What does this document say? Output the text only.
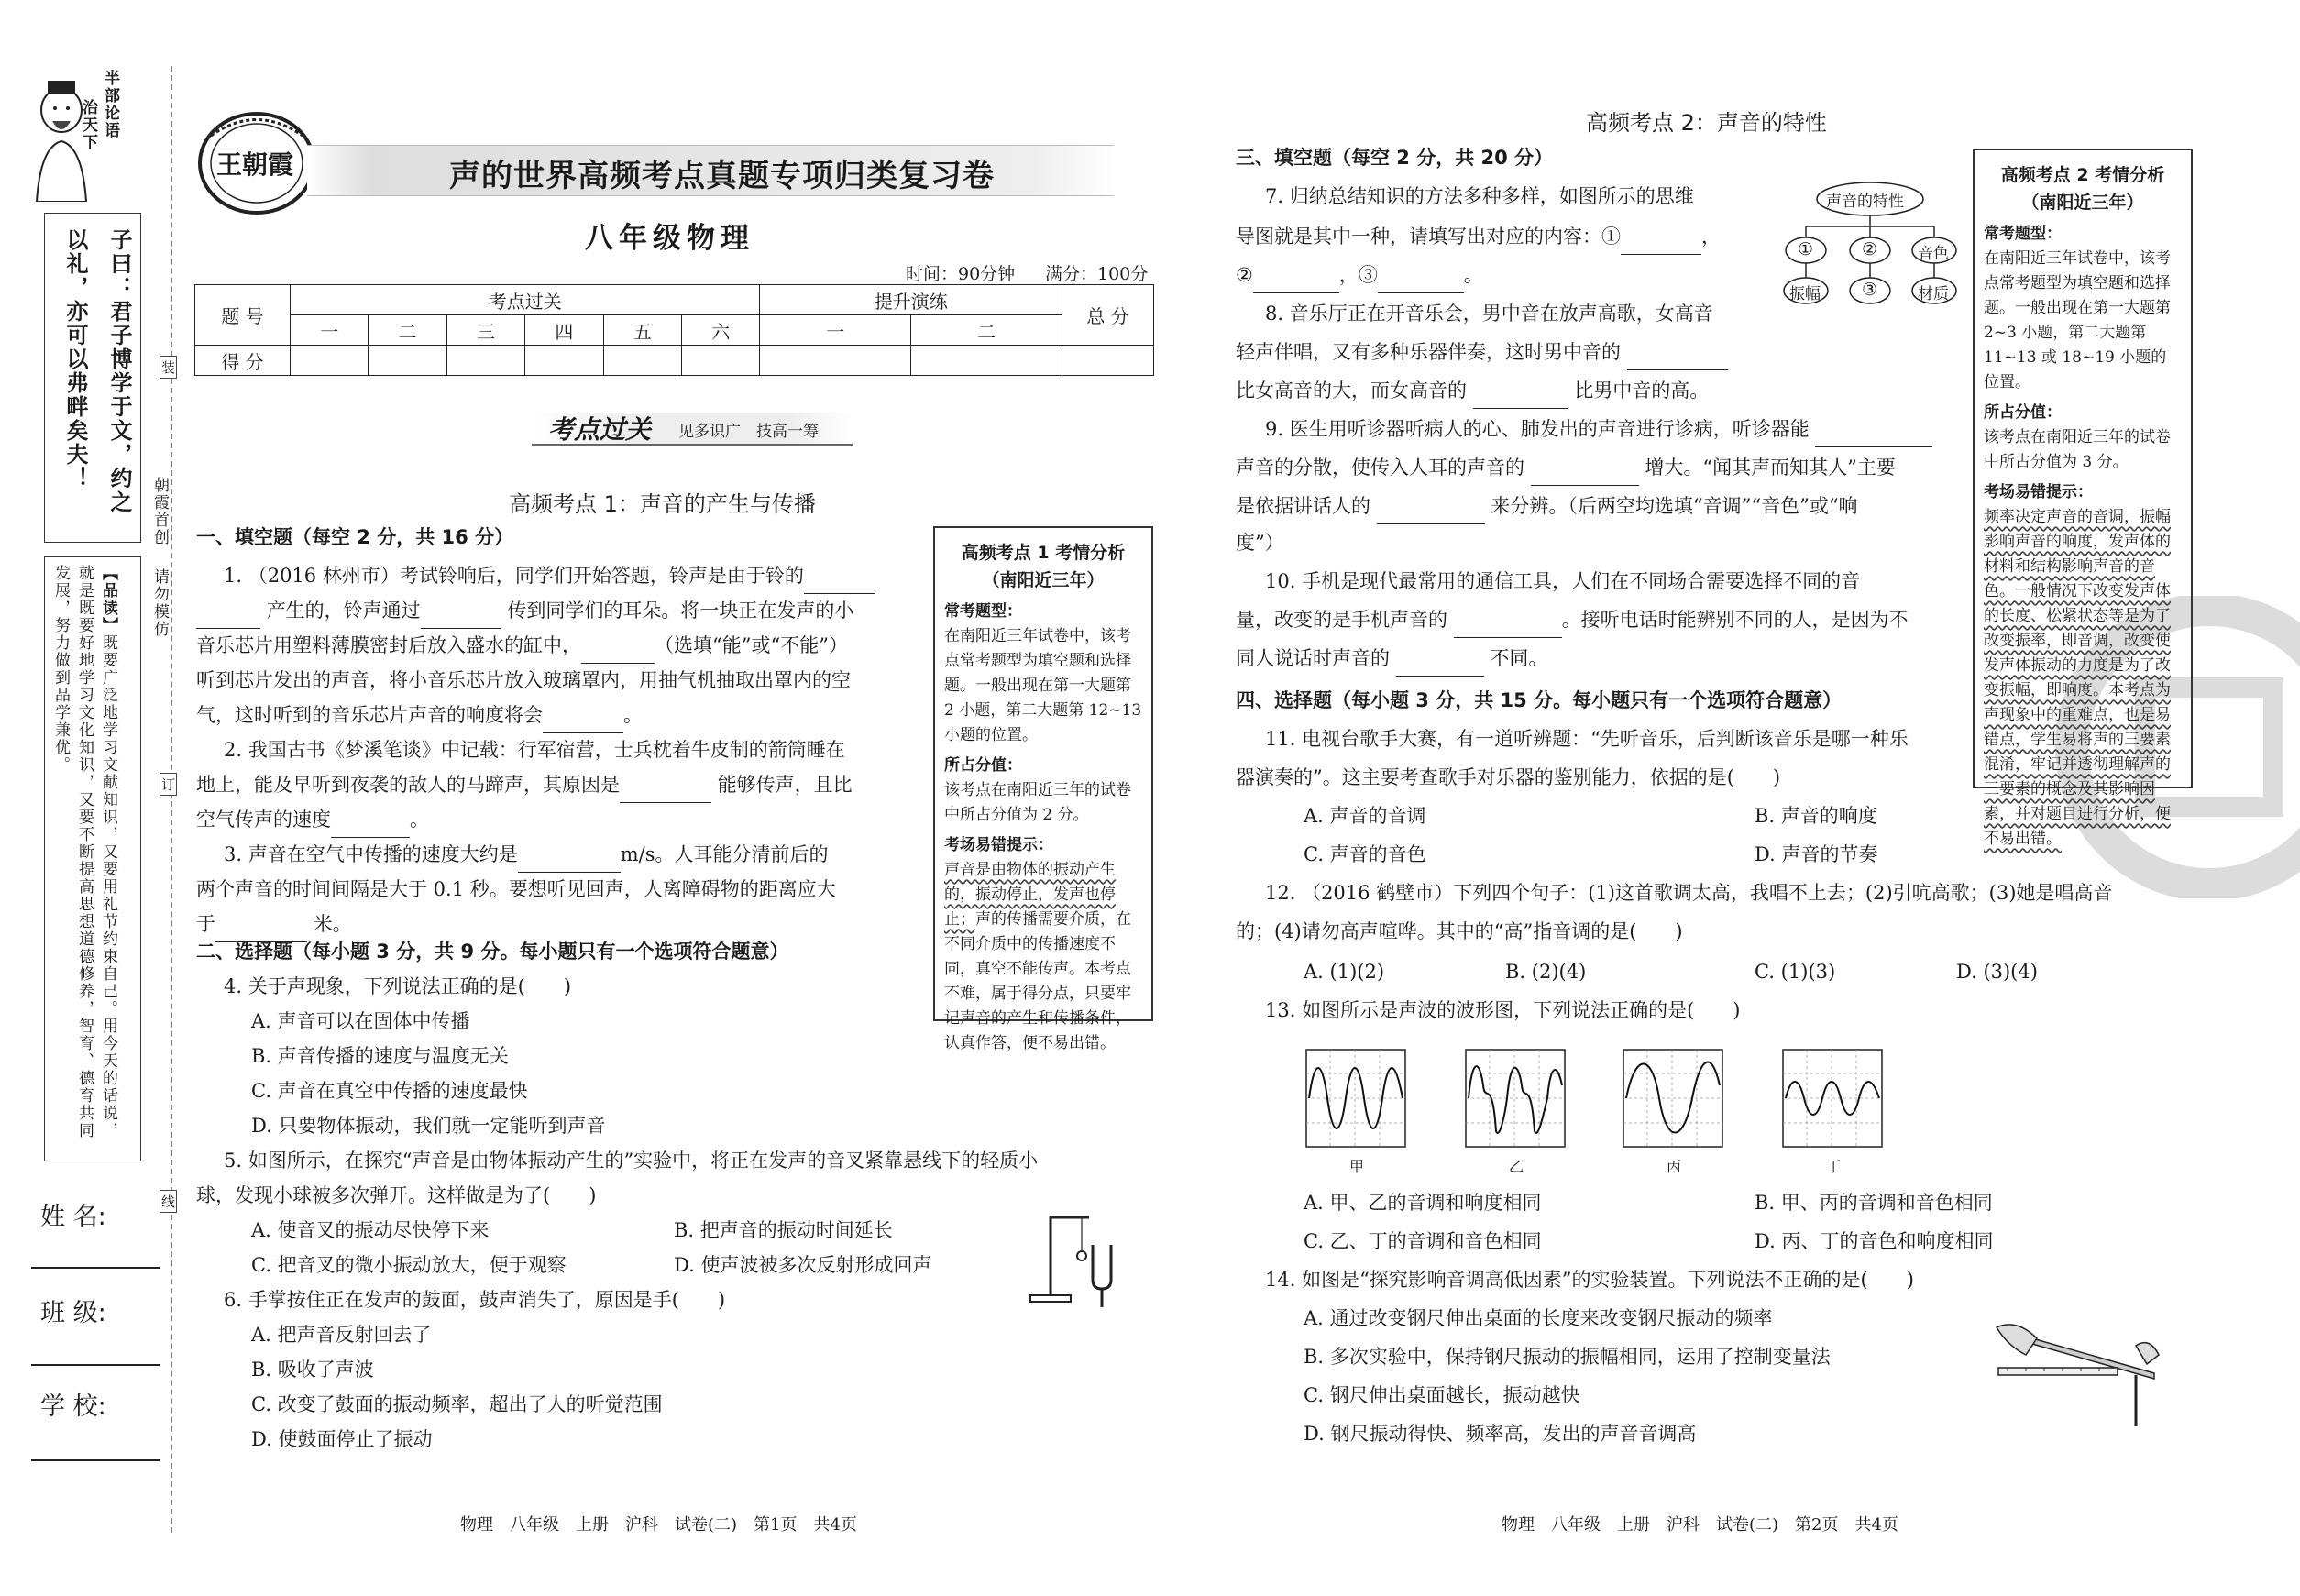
半部论语
治天下
子曰：君子博学于文，约之
以礼，亦可以弗畔矣夫！
【品读】既要广泛地学习文献知识，又要用礼节约束自己。用今天的话说，就是既要好地学习文化知识，又要不断提高思想道德修养，智育、德育共同发展，努力做到品学兼优。
朝霞首创
请勿模仿
装
订
线
姓 名:
班 级:
学 校:
王朝霞	声的世界高频考点真题专项归类复习卷
八年级物理
时间：90分钟 满分：100分
题 号	考点过关						提升演练		总 分
	一	二	三	四	五	六	一	二	
得 分									
考点过关 见多识广　技高一筹
高频考点 1：声音的产生与传播
一、填空题（每空 2 分，共 16 分）
1. （2016 林州市）考试铃响后，同学们开始答题，铃声是由于铃的
产生的，铃声通过	传到同学们的耳朵。将一块正在发声的小
音乐芯片用塑料薄膜密封后放入盛水的缸中，	（选填“能”或“不能”）
听到芯片发出的声音，将小音乐芯片放入玻璃罩内，用抽气机抽取出罩内的空
气，这时听到的音乐芯片声音的响度将会	。
2. 我国古书《梦溪笔谈》中记载：行军宿营，士兵枕着牛皮制的箭筒睡在
地上，能及早听到夜袭的敌人的马蹄声，其原因是	能够传声，且比
空气传声的速度	。
3. 声音在空气中传播的速度大约是	m/s。人耳能分清前后的
两个声音的时间间隔是大于 0.1 秒。要想听见回声，人离障碍物的距离应大
于	米。
二、选择题（每小题 3 分，共 9 分。每小题只有一个选项符合题意）
4. 关于声现象，下列说法正确的是(　　)
A. 声音可以在固体中传播
B. 声音传播的速度与温度无关
C. 声音在真空中传播的速度最快
D. 只要物体振动，我们就一定能听到声音
5. 如图所示，在探究“声音是由物体振动产生的”实验中，将正在发声的音叉紧靠悬线下的轻质小
球，发现小球被多次弹开。这样做是为了(　　)
A. 使音叉的振动尽快停下来	B. 把声音的振动时间延长
C. 把音叉的微小振动放大，便于观察	D. 使声波被多次反射形成回声
6. 手掌按住正在发声的鼓面，鼓声消失了，原因是手(　　)
A. 把声音反射回去了
B. 吸收了声波
C. 改变了鼓面的振动频率，超出了人的听觉范围
D. 使鼓面停止了振动
高频考点 1 考情分析
（南阳近三年）
常考题型：
在南阳近三年试卷中，该考点常考题型为填空题和选择题。一般出现在第一大题第 2 小题，第二大题第 12~13 小题的位置。
所占分值：
该考点在南阳近三年的试卷中所占分值为 2 分。
考场易错提示：
声音是由物体的振动产生的，振动停止，发声也停止；声的传播需要介质，在不同介质中的传播速度不同，真空不能传声。本考点不难，属于得分点，只要牢记声音的产生和传播条件，认真作答，便不易出错。
物理　八年级　上册　沪科　试卷(二)　第1页　共4页
高频考点 2：声音的特性
三、填空题（每空 2 分，共 20 分）
7. 归纳总结知识的方法多种多样，如图所示的思维
导图就是其中一种，请填写出对应的内容：①	，
②	，③	。
声音的特性
①	②	音色
振幅 ③	材质
8. 音乐厅正在开音乐会，男中音在放声高歌，女高音
轻声伴唱，又有多种乐器伴奏，这时男中音的
比女高音的大，而女高音的	比男中音的高。
9. 医生用听诊器听病人的心、肺发出的声音进行诊病，听诊器能
声音的分散，使传入人耳的声音的	增大。“闻其声而知其人”主要
是依据讲话人的	来分辨。（后两空均选填“音调”“音色”或“响
度”）
10. 手机是现代最常用的通信工具，人们在不同场合需要选择不同的音
量，改变的是手机声音的	。接听电话时能辨别不同的人，是因为不
同人说话时声音的	不同。
四、选择题（每小题 3 分，共 15 分。每小题只有一个选项符合题意）
11. 电视台歌手大赛，有一道听辨题：“先听音乐，后判断该音乐是哪一种乐
器演奏的”。这主要考查歌手对乐器的鉴别能力，依据的是(　　)
A. 声音的音调	B. 声音的响度
C. 声音的音色	D. 声音的节奏
12. （2016 鹤壁市）下列四个句子：(1)这首歌调太高，我唱不上去；(2)引吭高歌；(3)她是唱高音
的；(4)请勿高声喧哗。其中的“高”指音调的是(　　)
A. (1)(2)	B. (2)(4)	C. (1)(3)	D. (3)(4)
13. 如图所示是声波的波形图，下列说法正确的是(　　)
甲	乙	丙	丁
A. 甲、乙的音调和响度相同	B. 甲、丙的音调和音色相同
C. 乙、丁的音调和音色相同	D. 丙、丁的音色和响度相同
14. 如图是“探究影响音调高低因素”的实验装置。下列说法不正确的是(　　)
A. 通过改变钢尺伸出桌面的长度来改变钢尺振动的频率
B. 多次实验中，保持钢尺振动的振幅相同，运用了控制变量法
C. 钢尺伸出桌面越长，振动越快
D. 钢尺振动得快、频率高，发出的声音音调高
高频考点 2 考情分析
（南阳近三年）
常考题型：
在南阳近三年试卷中，该考点常考题型为填空题和选择题。一般出现在第一大题第 2~3 小题，第二大题第 11~13 或 18~19 小题的位置。
所占分值：
该考点在南阳近三年的试卷中所占分值为 3 分。
考场易错提示：
频率决定声音的音调，振幅影响声音的响度，发声体的材料和结构影响声音的音色。一般情况下改变发声体的长度、松紧状态等是为了改变振率，即音调，改变使发声体振动的力度是为了改变振幅，即响度。本考点为声现象中的重难点，也是易错点，学生易将声的三要素混淆，牢记并透彻理解声的三要素的概念及其影响因素，并对题目进行分析，便不易出错。
物理　八年级　上册　沪科　试卷(二)　第2页　共4页
